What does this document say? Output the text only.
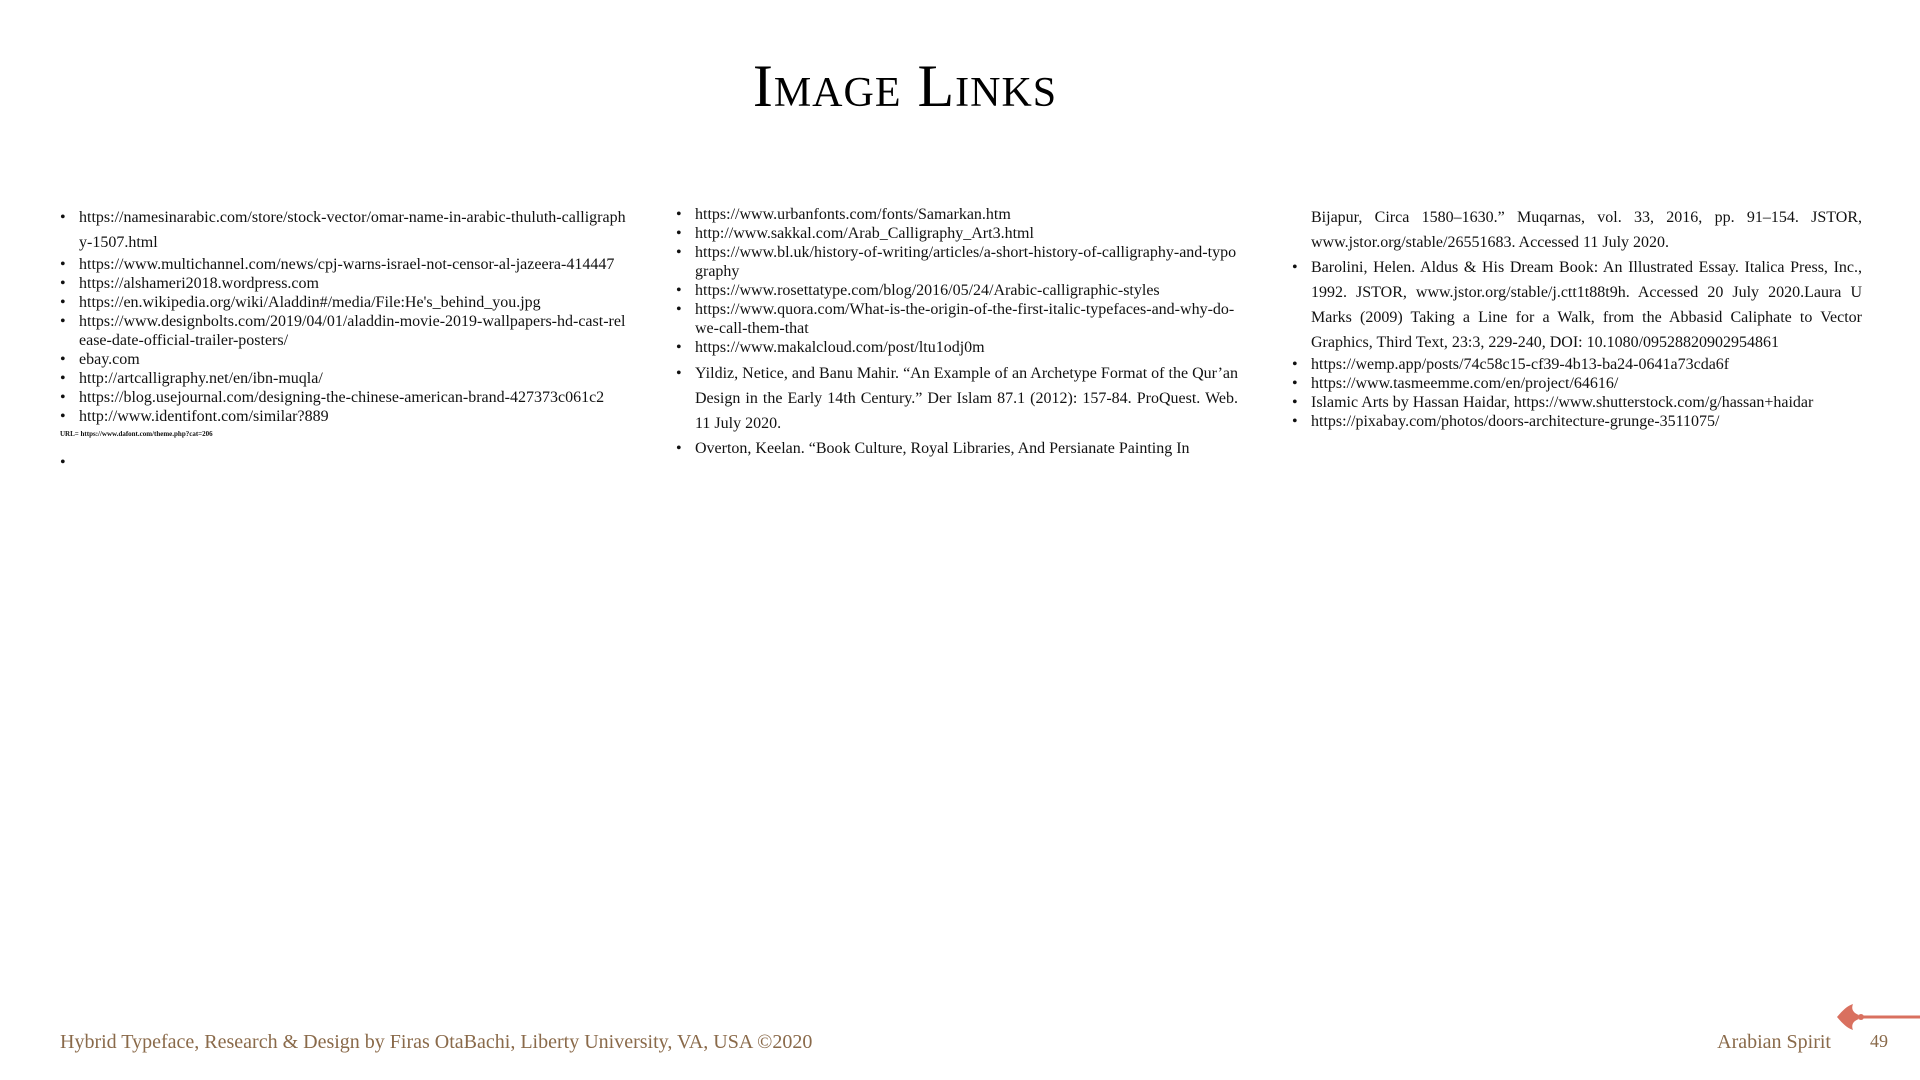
Image Links
• https://namesinarabic.com/store/stock-vector/omar-name-in-arabic-thuluth-calligraphy-1507.html
• https://www.multichannel.com/news/cpj-warns-israel-not-censor-al-jazeera-414447
• https://alshameri2018.wordpress.com
• https://en.wikipedia.org/wiki/Aladdin#/media/File:He's_behind_you.jpg
• https://www.designbolts.com/2019/04/01/aladdin-movie-2019-wallpapers-hd-cast-release-date-official-trailer-posters/
• ebay.com
• http://artcalligraphy.net/en/ibn-muqla/
• https://blog.usejournal.com/designing-the-chinese-american-brand-427373c061c2
• http://www.identifont.com/similar?889

URL= https://www.dafont.com/theme.php?cat=206

• https://www.urbanfonts.com/fonts/Samarkan.htm
• http://www.sakkal.com/Arab_Calligraphy_Art3.html
• https://www.bl.uk/history-of-writing/articles/a-short-history-of-calligraphy-and-typography
• https://www.rosettatype.com/blog/2016/05/24/Arabic-calligraphic-styles
• https://www.quora.com/What-is-the-origin-of-the-first-italic-typefaces-and-why-do-we-call-them-that
• https://www.makalcloud.com/post/ltu1odj0m
• Yildiz, Netice, and Banu Mahir. “An Example of an Archetype Format of the Qur’an Design in the Early 14th Century.” Der Islam 87.1 (2012): 157-84. ProQuest. Web. 11 July 2020.
• Overton, Keelan. “Book Culture, Royal Libraries, And Persianate Painting In
Bijapur, Circa 1580–1630.” Muqarnas, vol. 33, 2016, pp. 91–154. JSTOR, www.jstor.org/stable/26551683. Accessed 11 July 2020.
• Barolini, Helen. Aldus & His Dream Book: An Illustrated Essay. Italica Press, Inc., 1992. JSTOR, www.jstor.org/stable/j.ctt1t88t9h. Accessed 20 July 2020.Laura U Marks (2009) Taking a Line for a Walk, from the Abbasid Caliphate to Vector Graphics, Third Text, 23:3, 229-240, DOI: 10.1080/09528820902954861
• https://wemp.app/posts/74c58c15-cf39-4b13-ba24-0641a73cda6f
• https://www.tasmeemme.com/en/project/64616/
• Islamic Arts by Hassan Haidar, https://www.shutterstock.com/g/hassan+haidar
• https://pixabay.com/photos/doors-architecture-grunge-3511075/
Hybrid Typeface, Research & Design by Firas OtaBachi, Liberty University, VA, USA ©2020	Arabian Spirit 49
